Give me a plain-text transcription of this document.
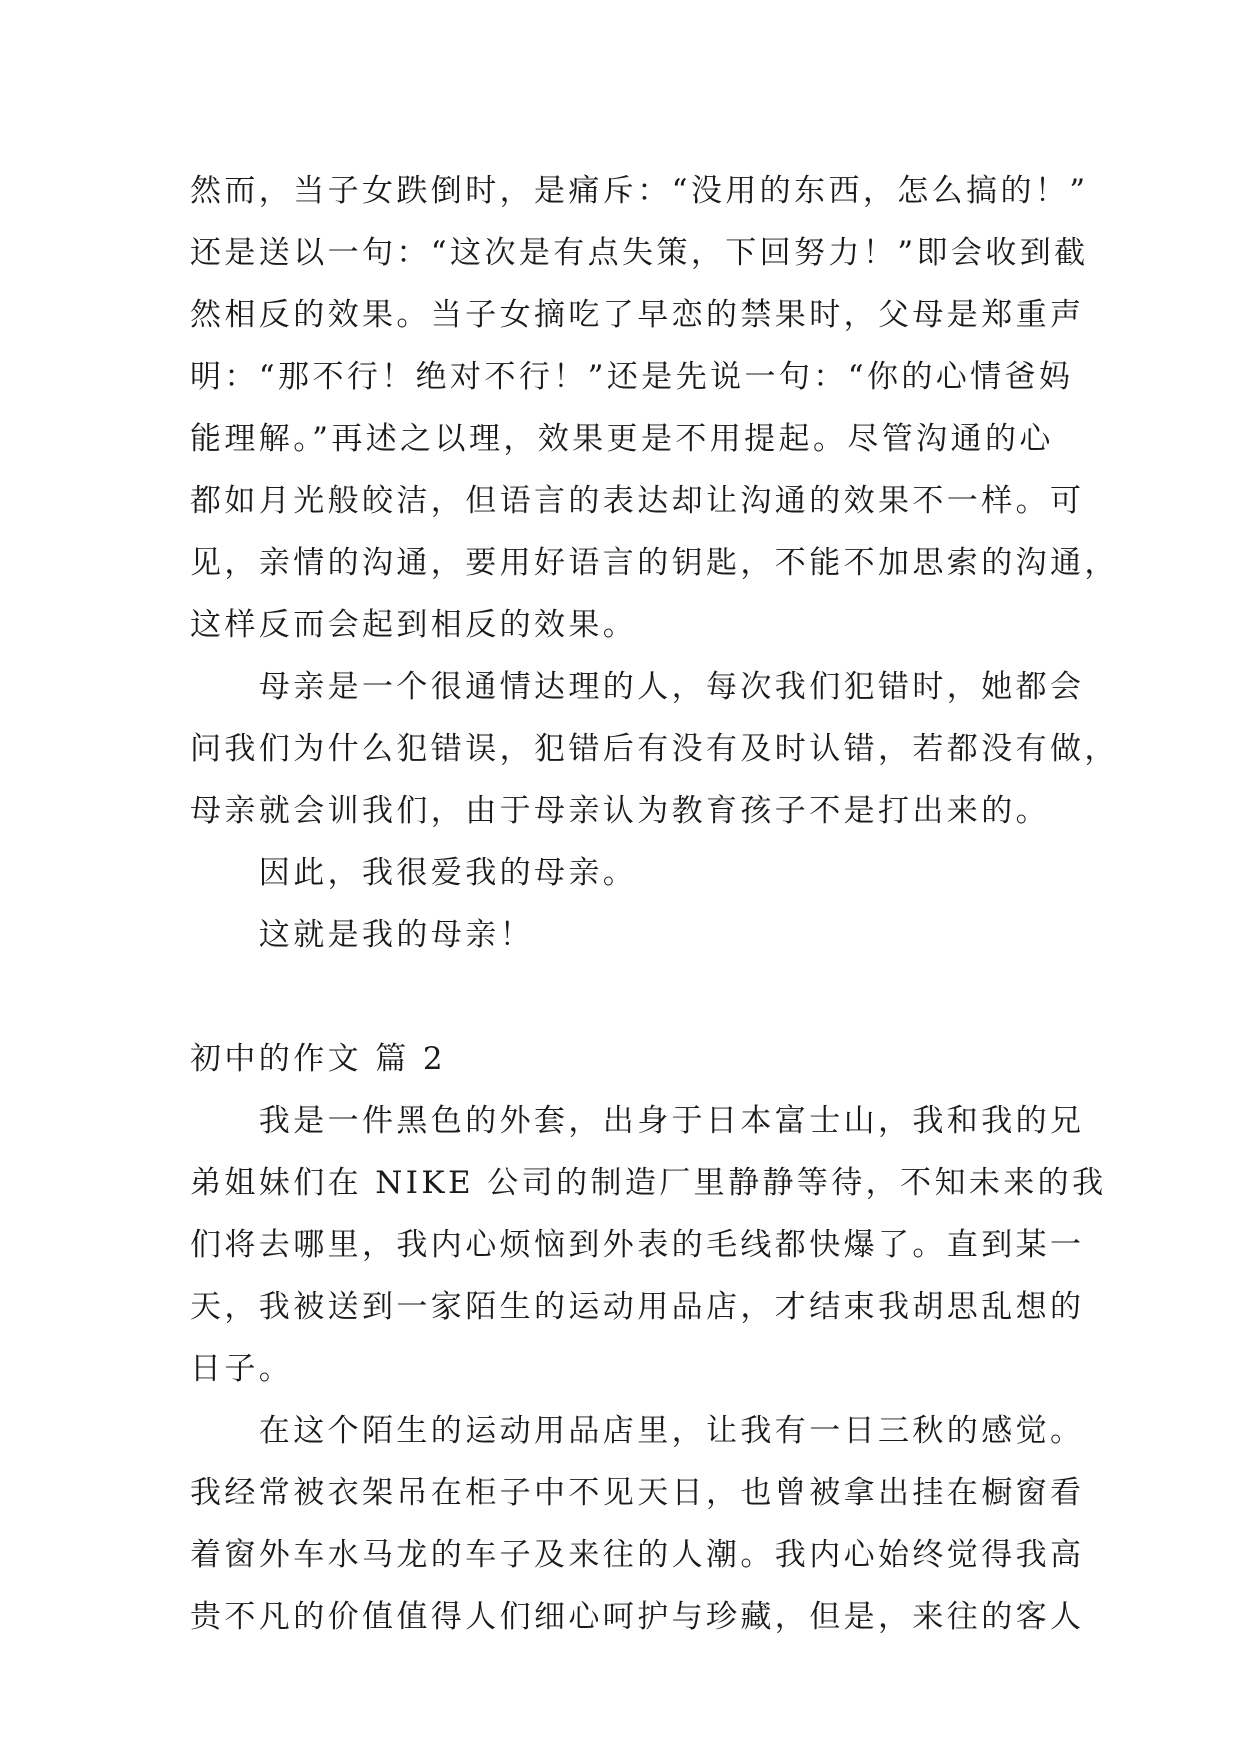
然而，当子女跌倒时，是痛斥：“没用的东西，怎么搞的！”
还是送以一句：“这次是有点失策，下回努力！”即会收到截
然相反的效果。当子女摘吃了早恋的禁果时，父母是郑重声
明：“那不行！绝对不行！”还是先说一句：“你的心情爸妈
能理解。”再述之以理，效果更是不用提起。尽管沟通的心
都如月光般皎洁，但语言的表达却让沟通的效果不一样。可
见，亲情的沟通，要用好语言的钥匙，不能不加思索的沟通，
这样反而会起到相反的效果。
　　母亲是一个很通情达理的人，每次我们犯错时，她都会
问我们为什么犯错误，犯错后有没有及时认错，若都没有做，
母亲就会训我们，由于母亲认为教育孩子不是打出来的。
　　因此，我很爱我的母亲。
　　这就是我的母亲！
初中的作文 篇 2
　　我是一件黑色的外套，出身于日本富士山，我和我的兄
弟姐妹们在 NIKE 公司的制造厂里静静等待，不知未来的我
们将去哪里，我内心烦恼到外表的毛线都快爆了。直到某一
天，我被送到一家陌生的运动用品店，才结束我胡思乱想的
日子。
　　在这个陌生的运动用品店里，让我有一日三秋的感觉。
我经常被衣架吊在柜子中不见天日，也曾被拿出挂在橱窗看
着窗外车水马龙的车子及来往的人潮。我内心始终觉得我高
贵不凡的价值值得人们细心呵护与珍藏，但是，来往的客人
